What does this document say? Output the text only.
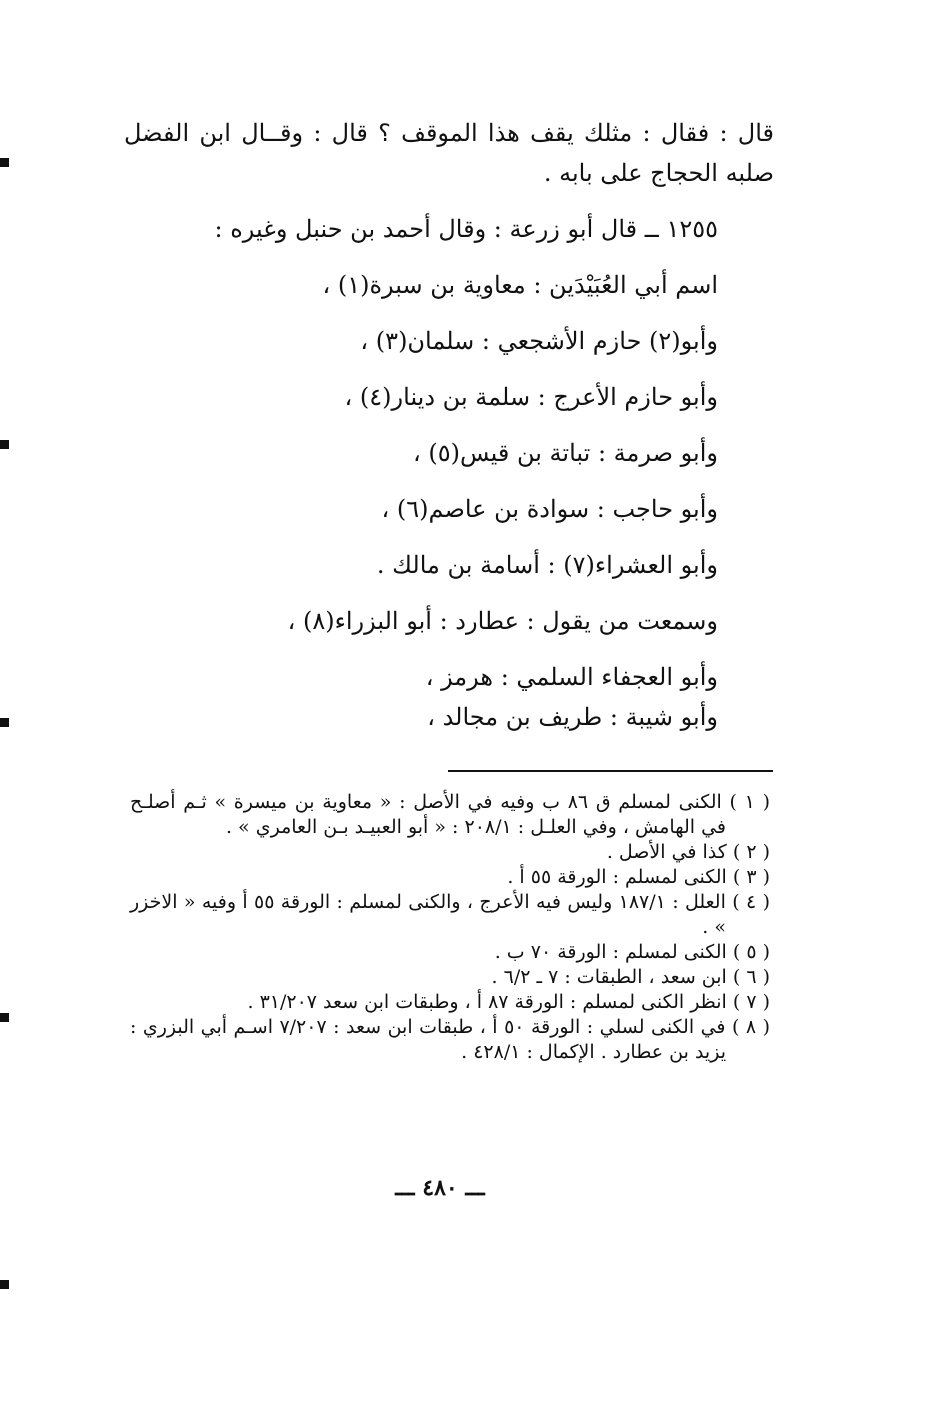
قال : فقال : مثلك يقف هذا الموقف ؟ قال : وقــال ابن الفضل صلبه الحجاج على بابه .
١٢٥٥ ــ قال أبو زرعة : وقال أحمد بن حنبل وغيره :
اسم أبي العُبَيْدَين : معاوية بن سبرة(١) ،
وأبو(٢) حازم الأشجعي : سلمان(٣) ،
وأبو حازم الأعرج : سلمة بن دينار(٤) ،
وأبو صرمة : تباتة بن قيس(٥) ،
وأبو حاجب : سوادة بن عاصم(٦) ،
وأبو العشراء(٧) : أسامة بن مالك .
وسمعت من يقول : عطارد : أبو البزراء(٨) ،
وأبو العجفاء السلمي : هرمز ،
وأبو شيبة : طريف بن مجالد ،

( ١ ) الكنى لمسلم ق ٨٦ ب وفيه في الأصل : « معاوية بن ميسرة » ثـم أصلـح في الهامش ، وفي العلـل : ٢٠٨/١ : « أبو العبيـد بـن العامري » .

( ٢ ) كذا في الأصل .

( ٣ ) الكنى لمسلم : الورقة ٥٥ أ .

( ٤ ) العلل : ١٨٧/١ وليس فيه الأعرج ، والكنى لمسلم : الورقة ٥٥ أ وفيه « الاخزر » .

( ٥ ) الكنى لمسلم : الورقة ٧٠ ب .

( ٦ ) ابن سعد ، الطبقات : ٧ ـ ٦/٢ .

( ٧ ) انظر الكنى لمسلم : الورقة ٨٧ أ ، وطبقات ابن سعد ٣١/٢٠٧ .

( ٨ ) في الكنى لسلي : الورقة ٥٠ أ ، طبقات ابن سعد : ٧/٢٠٧ اسـم أبي البزري : يزيد بن عطارد . الإكمال : ٤٢٨/١ .

ـــ ٤٨٠ ـــ
